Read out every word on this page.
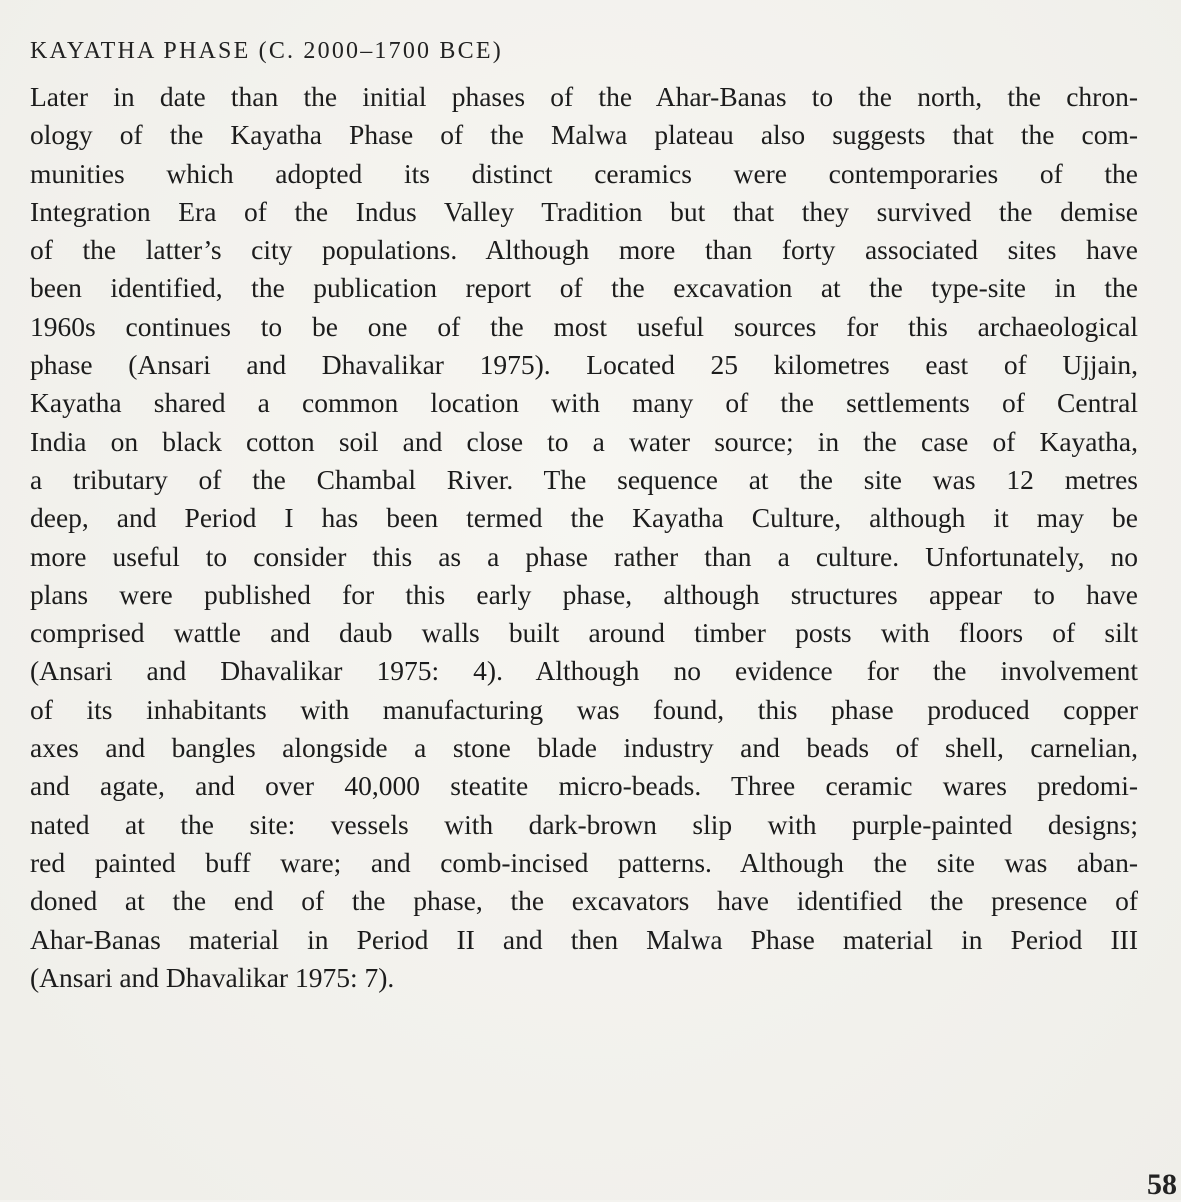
KAYATHA PHASE (C. 2000–1700 BCE)
Later in date than the initial phases of the Ahar-Banas to the north, the chron-
ology of the Kayatha Phase of the Malwa plateau also suggests that the com-
munities which adopted its distinct ceramics were contemporaries of the
Integration Era of the Indus Valley Tradition but that they survived the demise
of the latter’s city populations. Although more than forty associated sites have
been identified, the publication report of the excavation at the type-site in the
1960s continues to be one of the most useful sources for this archaeological
phase (Ansari and Dhavalikar 1975). Located 25 kilometres east of Ujjain,
Kayatha shared a common location with many of the settlements of Central
India on black cotton soil and close to a water source; in the case of Kayatha,
a tributary of the Chambal River. The sequence at the site was 12 metres
deep, and Period I has been termed the Kayatha Culture, although it may be
more useful to consider this as a phase rather than a culture. Unfortunately, no
plans were published for this early phase, although structures appear to have
comprised wattle and daub walls built around timber posts with floors of silt
(Ansari and Dhavalikar 1975: 4). Although no evidence for the involvement
of its inhabitants with manufacturing was found, this phase produced copper
axes and bangles alongside a stone blade industry and beads of shell, carnelian,
and agate, and over 40,000 steatite micro-beads. Three ceramic wares predomi-
nated at the site: vessels with dark-brown slip with purple-painted designs;
red painted buff ware; and comb-incised patterns. Although the site was aban-
doned at the end of the phase, the excavators have identified the presence of
Ahar-Banas material in Period II and then Malwa Phase material in Period III
(Ansari and Dhavalikar 1975: 7).
58
